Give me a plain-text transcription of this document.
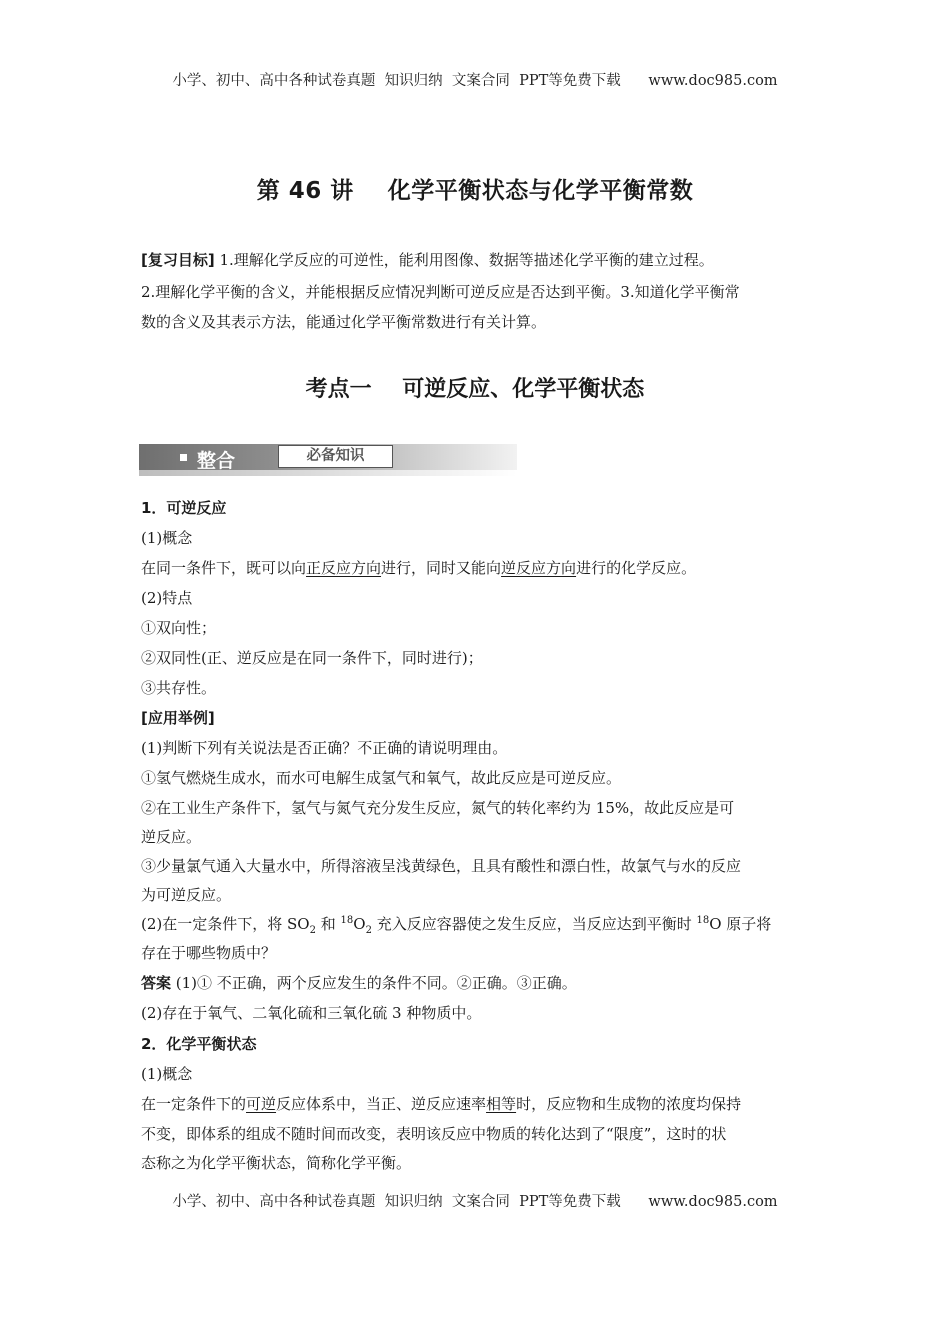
小学、初中、高中各种试卷真题  知识归纳  文案合同  PPT等免费下载      www.doc985.com
第 46 讲    化学平衡状态与化学平衡常数
[复习目标] 1.理解化学反应的可逆性，能利用图像、数据等描述化学平衡的建立过程。
2.理解化学平衡的含义，并能根据反应情况判断可逆反应是否达到平衡。3.知道化学平衡常
数的含义及其表示方法，能通过化学平衡常数进行有关计算。
考点一    可逆反应、化学平衡状态
整合	必备知识
1．可逆反应
(1)概念
在同一条件下，既可以向正反应方向进行，同时又能向逆反应方向进行的化学反应。
(2)特点
①双向性；
②双同性(正、逆反应是在同一条件下，同时进行)；
③共存性。
[应用举例]
(1)判断下列有关说法是否正确？不正确的请说明理由。
①氢气燃烧生成水，而水可电解生成氢气和氧气，故此反应是可逆反应。
②在工业生产条件下，氢气与氮气充分发生反应，氮气的转化率约为 15%，故此反应是可
逆反应。
③少量氯气通入大量水中，所得溶液呈浅黄绿色，且具有酸性和漂白性，故氯气与水的反应
为可逆反应。
(2)在一定条件下，将 $SO_2$ 和 $^{18}O_2$ 充入反应容器使之发生反应，当反应达到平衡时 $^{18}$O 原子将
存在于哪些物质中？
答案 (1)① 不正确，两个反应发生的条件不同。②正确。③正确。
(2)存在于氧气、二氧化硫和三氧化硫 3 种物质中。
2．化学平衡状态
(1)概念
在一定条件下的可逆反应体系中，当正、逆反应速率相等时，反应物和生成物的浓度均保持
不变，即体系的组成不随时间而改变，表明该反应中物质的转化达到了“限度”，这时的状
态称之为化学平衡状态，简称化学平衡。
小学、初中、高中各种试卷真题  知识归纳  文案合同  PPT等免费下载      www.doc985.com
